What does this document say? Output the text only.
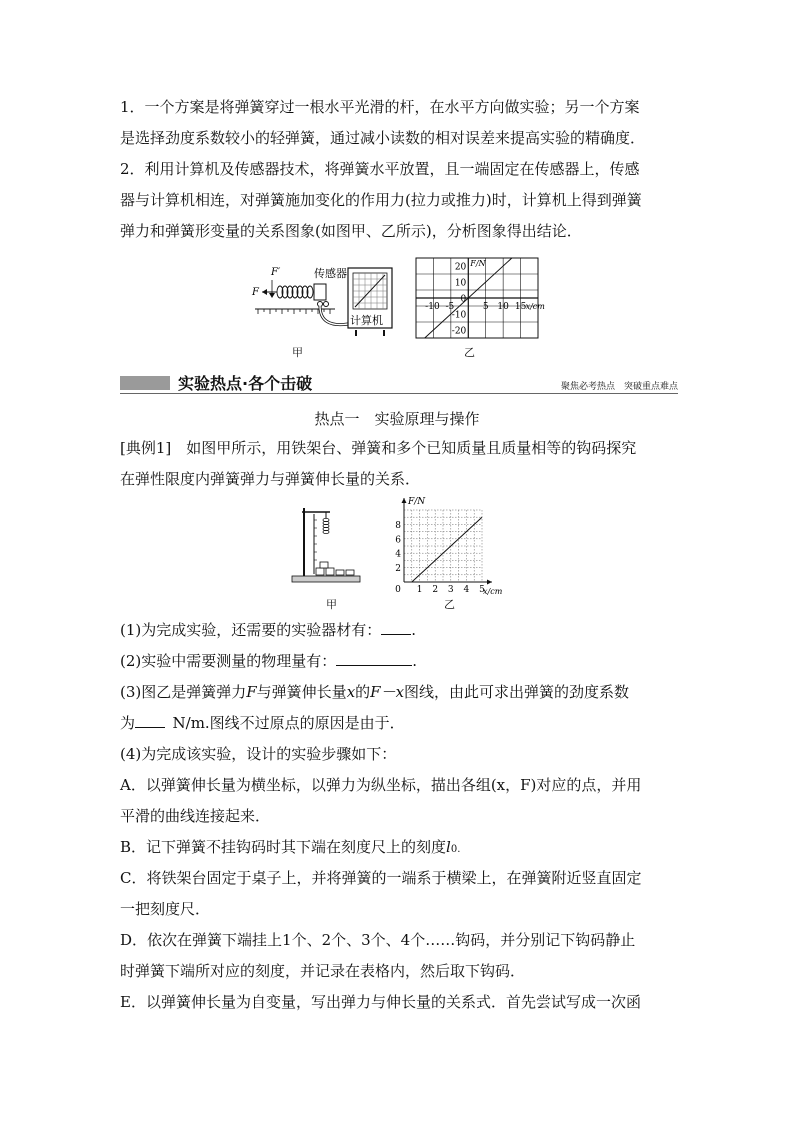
1．一个方案是将弹簧穿过一根水平光滑的杆，在水平方向做实验；另一个方案
是选择劲度系数较小的轻弹簧，通过减小读数的相对误差来提高实验的精确度．
2．利用计算机及传感器技术，将弹簧水平放置，且一端固定在传感器上，传感
器与计算机相连，对弹簧施加变化的作用力(拉力或推力)时，计算机上得到弹簧
弹力和弹簧形变量的关系图象(如图甲、乙所示)，分析图象得出结论．
F′
F
传感器
计算机
甲
20
10
0
-10
-20
-10 -5	5 10 15
F/N
x/cm
乙
实验热点·各个击破	聚焦必考热点　突破重点难点
热点一　实验原理与操作
[典例1]　如图甲所示，用铁架台、弹簧和多个已知质量且质量相等的钩码探究
在弹性限度内弹簧弹力与弹簧伸长量的关系．
甲
2
4
6
8
0 1 2 3 4 5
F/N
x/cm
乙
(1)为完成实验，还需要的实验器材有： .
(2)实验中需要测量的物理量有：	.
(3)图乙是弹簧弹力F与弹簧伸长量x的F－x图线，由此可求出弹簧的劲度系数
为 	N/m.图线不过原点的原因是由于．
(4)为完成该实验，设计的实验步骤如下：
A．以弹簧伸长量为横坐标，以弹力为纵坐标，描出各组(x，F)对应的点，并用
平滑的曲线连接起来．
B．记下弹簧不挂钩码时其下端在刻度尺上的刻度l0.
C．将铁架台固定于桌子上，并将弹簧的一端系于横梁上，在弹簧附近竖直固定
一把刻度尺．
D．依次在弹簧下端挂上1个、2个、3个、4个……钩码，并分别记下钩码静止
时弹簧下端所对应的刻度，并记录在表格内，然后取下钩码．
E．以弹簧伸长量为自变量，写出弹力与伸长量的关系式．首先尝试写成一次函
